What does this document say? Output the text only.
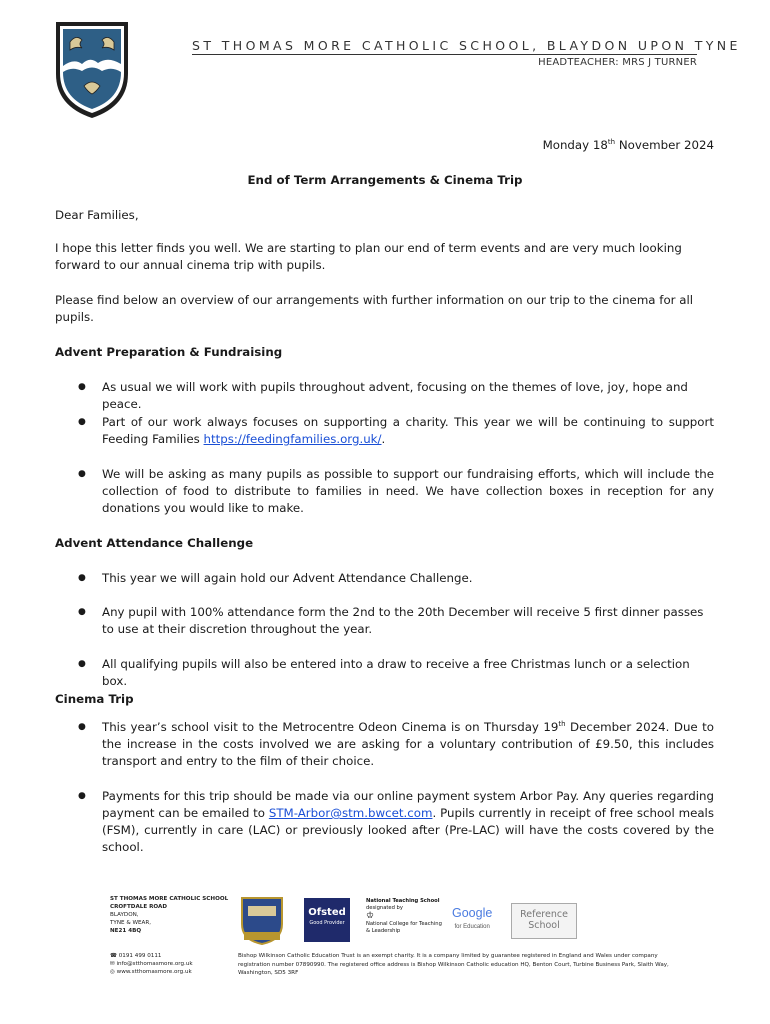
ST THOMAS MORE CATHOLIC SCHOOL, BLAYDON UPON TYNE
HEADTEACHER: MRS J TURNER
Monday 18th November 2024
End of Term Arrangements & Cinema Trip
Dear Families,
I hope this letter finds you well. We are starting to plan our end of term events and are very much looking forward to our annual cinema trip with pupils.
Please find below an overview of our arrangements with further information on our trip to the cinema for all pupils.
Advent Preparation & Fundraising
● As usual we will work with pupils throughout advent, focusing on the themes of love, joy, hope and peace.
● Part of our work always focuses on supporting a charity. This year we will be continuing to support Feeding Families https://feedingfamilies.org.uk/.
● We will be asking as many pupils as possible to support our fundraising efforts, which will include the collection of food to distribute to families in need. We have collection boxes in reception for any donations you would like to make.
Advent Attendance Challenge
● This year we will again hold our Advent Attendance Challenge.
● Any pupil with 100% attendance form the 2nd to the 20th December will receive 5 first dinner passes to use at their discretion throughout the year.
● All qualifying pupils will also be entered into a draw to receive a free Christmas lunch or a selection box.
Cinema Trip
● This year’s school visit to the Metrocentre Odeon Cinema is on Thursday 19th December 2024. Due to the increase in the costs involved we are asking for a voluntary contribution of £9.50, this includes transport and entry to the film of their choice.
● Payments for this trip should be made via our online payment system Arbor Pay. Any queries regarding payment can be emailed to STM-Arbor@stm.bwcet.com. Pupils currently in receipt of free school meals (FSM), currently in care (LAC) or previously looked after (Pre-LAC) will have the costs covered by the school.
ST THOMAS MORE CATHOLIC SCHOOL
CROFTDALE ROAD
BLAYDON,
TYNE & WEAR,
NE21 4BQ
☎ 0191 499 0111
✉ info@stthomasmore.org.uk
◎ www.stthomasmore.org.uk
Ofsted
Good Provider
National Teaching School
designated by
♔
National College for Teaching & Leadership
Google
for Education
Reference School
Bishop Wilkinson Catholic Education Trust is an exempt charity. It is a company limited by guarantee registered in England and Wales under company registration number 07890990. The registered office address is Bishop Wilkinson Catholic education HQ, Benton Court, Turbine Business Park, Slaith Way, Washington, SD5 3RF
